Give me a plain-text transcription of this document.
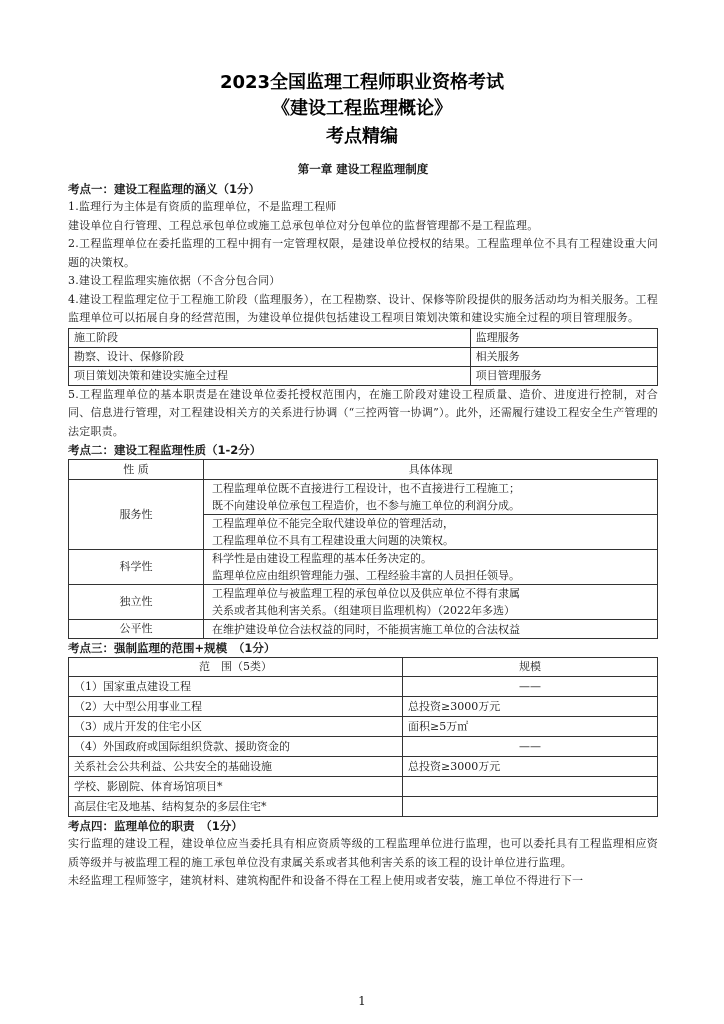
2023全国监理工程师职业资格考试
《建设工程监理概论》
考点精编
第一章 建设工程监理制度
考点一：建设工程监理的涵义（1分）
1.监理行为主体是有资质的监理单位，不是监理工程师
建设单位自行管理、工程总承包单位或施工总承包单位对分包单位的监督管理都不是工程监理。
2.工程监理单位在委托监理的工程中拥有一定管理权限，是建设单位授权的结果。工程监理单位不具有工程建设重大问题的决策权。
3.建设工程监理实施依据（不含分包合同）
4.建设工程监理定位于工程施工阶段（监理服务），在工程勘察、设计、保修等阶段提供的服务活动均为相关服务。工程监理单位可以拓展自身的经营范围，为建设单位提供包括建设工程项目策划决策和建设实施全过程的项目管理服务。
施工阶段	监理服务
勘察、设计、保修阶段	相关服务
项目策划决策和建设实施全过程	项目管理服务
5.工程监理单位的基本职责是在建设单位委托授权范围内，在施工阶段对建设工程质量、造价、进度进行控制，对合同、信息进行管理，对工程建设相关方的关系进行协调（“三控两管一协调”）。此外，还需履行建设工程安全生产管理的法定职责。
考点二：建设工程监理性质（1-2分）
性 质	具体体现
服务性	工程监理单位既不直接进行工程设计，也不直接进行工程施工；
既不向建设单位承包工程造价，也不参与施工单位的利润分成。

	工程监理单位不能完全取代建设单位的管理活动，
工程监理单位不具有工程建设重大问题的决策权。

科学性	科学性是由建设工程监理的基本任务决定的。
监理单位应由组织管理能力强、工程经验丰富的人员担任领导。

独立性	工程监理单位与被监理工程的承包单位以及供应单位不得有隶属
关系或者其他利害关系。（组建项目监理机构）（2022年多选）

公平性	在维护建设单位合法权益的同时，不能损害施工单位的合法权益
考点三：强制监理的范围+规模　（1分）
范　围（5类）	规模
（1）国家重点建设工程	——
（2）大中型公用事业工程	总投资≥3000万元
（3）成片开发的住宅小区	面积≥5万㎡
（4）外国政府或国际组织贷款、援助资金的	——
关系社会公共利益、公共安全的基础设施	总投资≥3000万元
学校、影剧院、体育场馆项目*	
高层住宅及地基、结构复杂的多层住宅*	
考点四：监理单位的职责　（1分）
实行监理的建设工程，建设单位应当委托具有相应资质等级的工程监理单位进行监理，也可以委托具有工程监理相应资质等级并与被监理工程的施工承包单位没有隶属关系或者其他利害关系的该工程的设计单位进行监理。
未经监理工程师签字，建筑材料、建筑构配件和设备不得在工程上使用或者安装，施工单位不得进行下一
1
